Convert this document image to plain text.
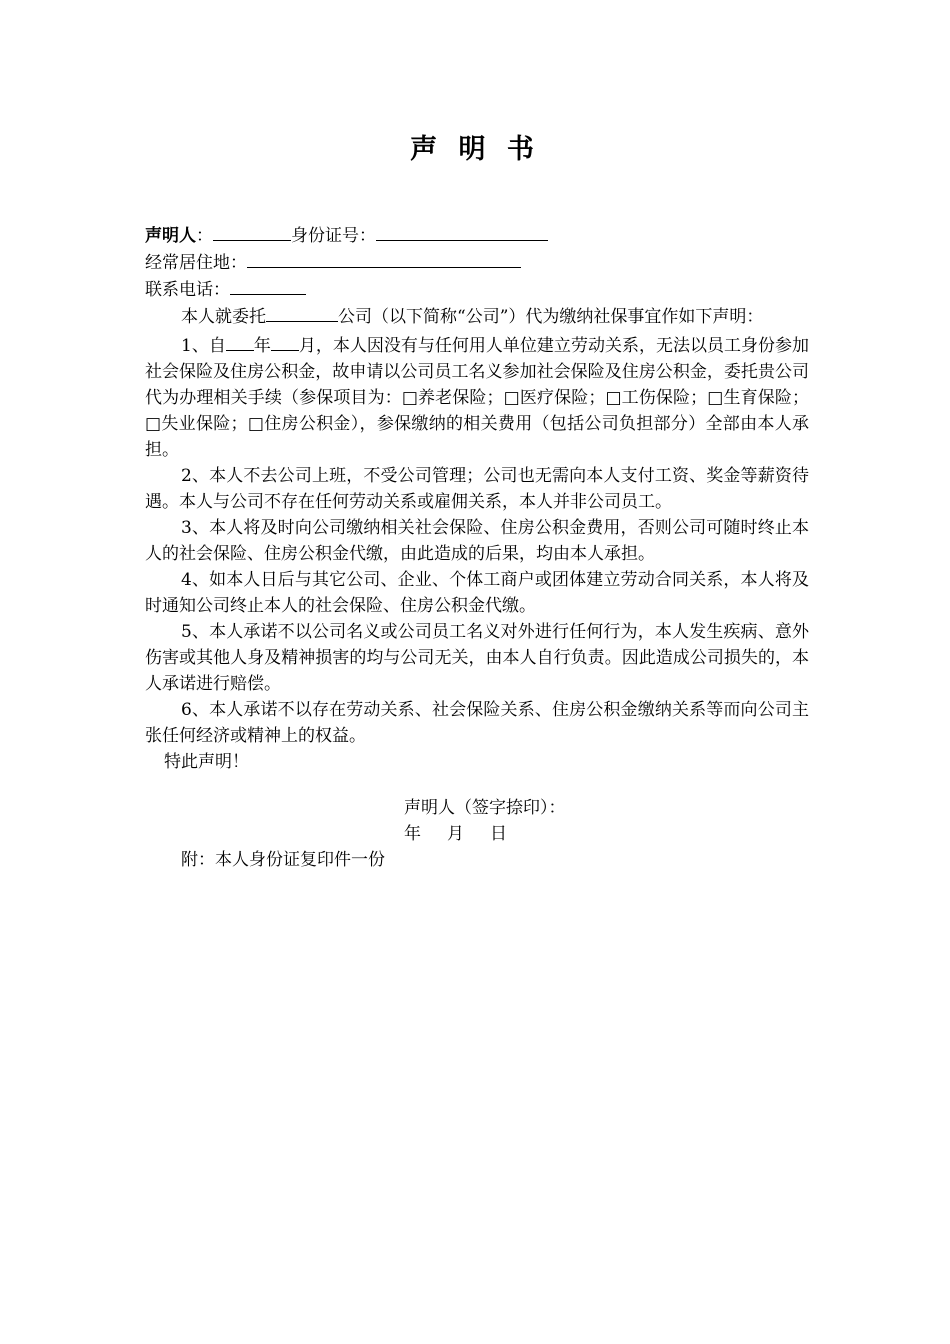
声 明 书
声明人：	身份证号：
经常居住地：
联系电话：
本人就委托	公司（以下简称“公司”）代为缴纳社保事宜作如下声明：
1、自 年 月，本人因没有与任何用人单位建立劳动关系，无法以员工身份参加社会保险及住房公积金，故申请以公司员工名义参加社会保险及住房公积金，委托贵公司代为办理相关手续（参保项目为：□养老保险；□医疗保险；□工伤保险；□生育保险；□失业保险；□住房公积金），参保缴纳的相关费用（包括公司负担部分）全部由本人承担。
2、本人不去公司上班，不受公司管理；公司也无需向本人支付工资、奖金等薪资待遇。本人与公司不存在任何劳动关系或雇佣关系，本人并非公司员工。
3、本人将及时向公司缴纳相关社会保险、住房公积金费用，否则公司可随时终止本人的社会保险、住房公积金代缴，由此造成的后果，均由本人承担。
4、如本人日后与其它公司、企业、个体工商户或团体建立劳动合同关系，本人将及时通知公司终止本人的社会保险、住房公积金代缴。
5、本人承诺不以公司名义或公司员工名义对外进行任何行为，本人发生疾病、意外伤害或其他人身及精神损害的均与公司无关，由本人自行负责。因此造成公司损失的，本人承诺进行赔偿。
6、本人承诺不以存在劳动关系、社会保险关系、住房公积金缴纳关系等而向公司主张任何经济或精神上的权益。
特此声明！
声明人（签字捺印）：
年 月 日
附：本人身份证复印件一份
